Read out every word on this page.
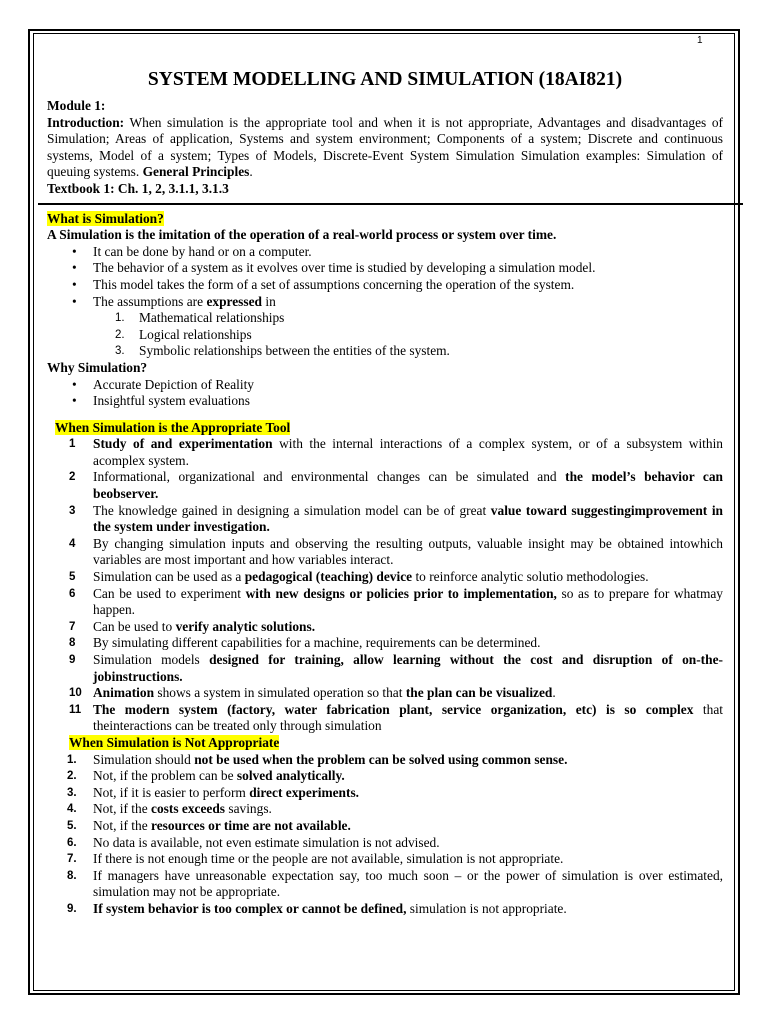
1
SYSTEM MODELLING AND SIMULATION (18AI821)

Module 1:

Introduction: When simulation is the appropriate tool and when it is not appropriate, Advantages and disadvantages of Simulation; Areas of application, Systems and system environment; Components of a system; Discrete and continuous systems, Model of a system; Types of Models, Discrete-Event System Simulation Simulation examples: Simulation of queuing systems. General Principles.

Textbook 1: Ch. 1, 2, 3.1.1, 3.1.3

What is Simulation?

A Simulation is the imitation of the operation of a real-world process or system over time.

• It can be done by hand or on a computer.
• The behavior of a system as it evolves over time is studied by developing a simulation model.
• This model takes the form of a set of assumptions concerning the operation of the system.
• The assumptions are expressed in
1. Mathematical relationships
2. Logical relationships
3. Symbolic relationships between the entities of the system.

Why Simulation?

• Accurate Depiction of Reality
• Insightful system evaluations

When Simulation is the Appropriate Tool

1 Study of and experimentation with the internal interactions of a complex system, or of a subsystem within acomplex system.
2 Informational, organizational and environmental changes can be simulated and the model’s behavior can beobserver.
3 The knowledge gained in designing a simulation model can be of great value toward suggestingimprovement in the system under investigation.
4 By changing simulation inputs and observing the resulting outputs, valuable insight may be obtained intowhich variables are most important and how variables interact.
5 Simulation can be used as a pedagogical (teaching) device to reinforce analytic solutio methodologies.
6 Can be used to experiment with new designs or policies prior to implementation, so as to prepare for whatmay happen.
7 Can be used to verify analytic solutions.
8 By simulating different capabilities for a machine, requirements can be determined.
9 Simulation models designed for training, allow learning without the cost and disruption of on-the-jobinstructions.
10 Animation shows a system in simulated operation so that the plan can be visualized.
11 The modern system (factory, water fabrication plant, service organization, etc) is so complex that theinteractions can be treated only through simulation

When Simulation is Not Appropriate

1. Simulation should not be used when the problem can be solved using common sense.
2. Not, if the problem can be solved analytically.
3. Not, if it is easier to perform direct experiments.
4. Not, if the costs exceeds savings.
5. Not, if the resources or time are not available.
6. No data is available, not even estimate simulation is not advised.
7. If there is not enough time or the people are not available, simulation is not appropriate.
8. If managers have unreasonable expectation say, too much soon – or the power of simulation is over estimated, simulation may not be appropriate.
9. If system behavior is too complex or cannot be defined, simulation is not appropriate.
